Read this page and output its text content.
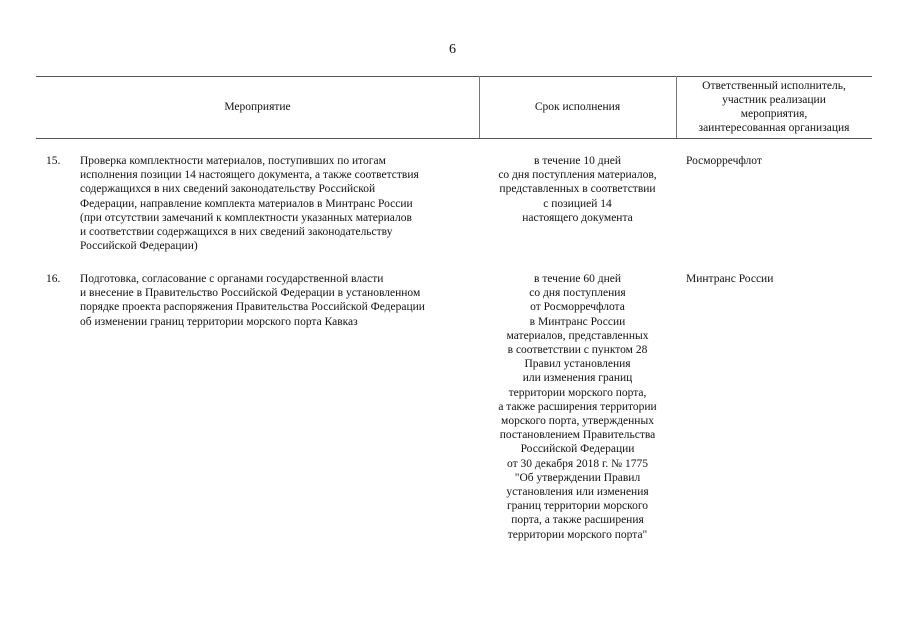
6
Мероприятие	Срок исполнения
Ответственный исполнитель,
участник реализации
мероприятия,
заинтересованная организация
15. Проверка комплектности материалов, поступивших по итогам
исполнения позиции 14 настоящего документа, а также соответствия
содержащихся в них сведений законодательству Российской
Федерации, направление комплекта материалов в Минтранс России
(при отсутствии замечаний к комплектности указанных материалов
и соответствии содержащихся в них сведений законодательству
Российской Федерации)
в течение 10 дней
со дня поступления материалов,
представленных в соответствии
с позицией 14
настоящего документа
Росморречфлот
16. Подготовка, согласование с органами государственной власти
и внесение в Правительство Российской Федерации в установленном
порядке проекта распоряжения Правительства Российской Федерации
об изменении границ территории морского порта Кавказ
в течение 60 дней
со дня поступления
от Росморречфлота
в Минтранс России
материалов, представленных
в соответствии с пунктом 28
Правил установления
или изменения границ
территории морского порта,
а также расширения территории
морского порта, утвержденных
постановлением Правительства
Российской Федерации
от 30 декабря 2018 г. № 1775
"Об утверждении Правил
установления или изменения
границ территории морского
порта, а также расширения
территории морского порта"
Минтранс России
